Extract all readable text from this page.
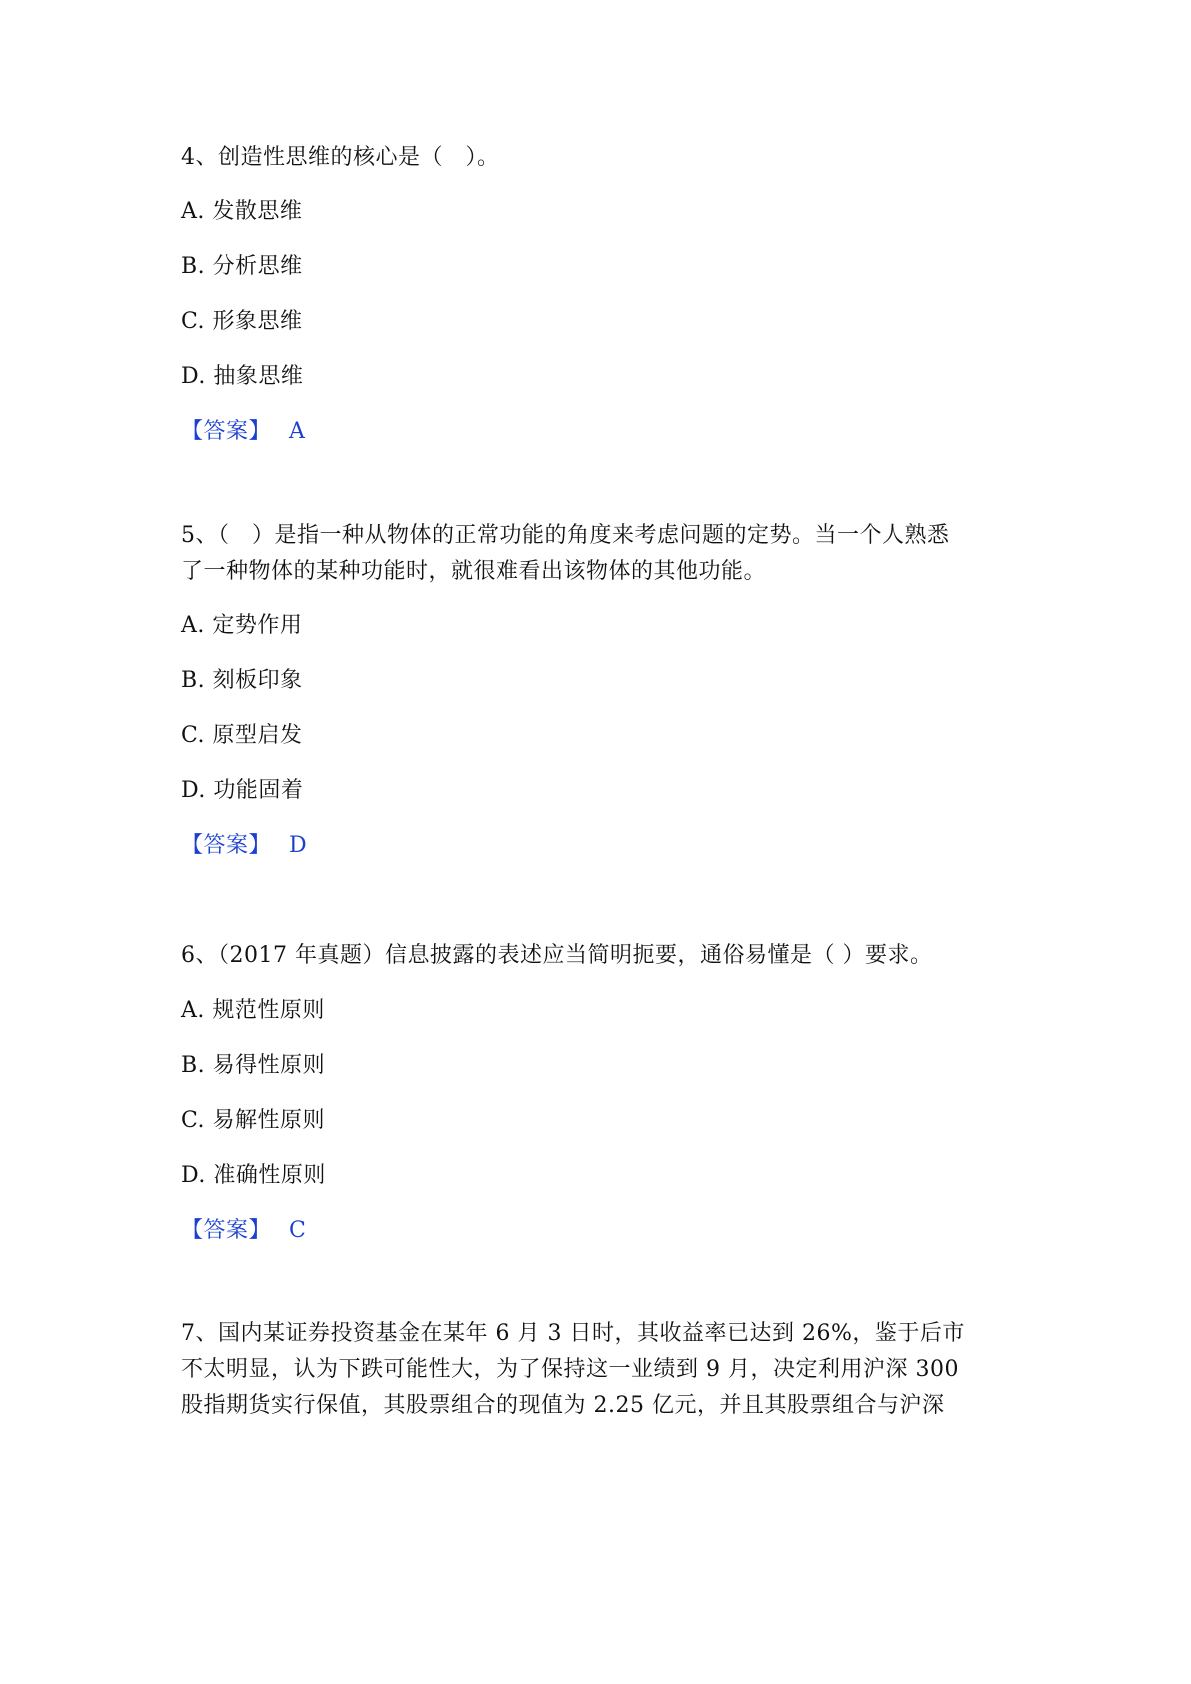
4、创造性思维的核心是（　）。
A. 发散思维
B. 分析思维
C. 形象思维
D. 抽象思维
【答案】 A
5、（　）是指一种从物体的正常功能的角度来考虑问题的定势。当一个人熟悉
了一种物体的某种功能时，就很难看出该物体的其他功能。
A. 定势作用
B. 刻板印象
C. 原型启发
D. 功能固着
【答案】 D
6、（2017 年真题）信息披露的表述应当简明扼要，通俗易懂是（ ）要求。
A. 规范性原则
B. 易得性原则
C. 易解性原则
D. 准确性原则
【答案】 C
7、国内某证券投资基金在某年 6 月 3 日时，其收益率已达到 26%，鉴于后市
不太明显，认为下跌可能性大，为了保持这一业绩到 9 月，决定利用沪深 300
股指期货实行保值，其股票组合的现值为 2.25 亿元，并且其股票组合与沪深
